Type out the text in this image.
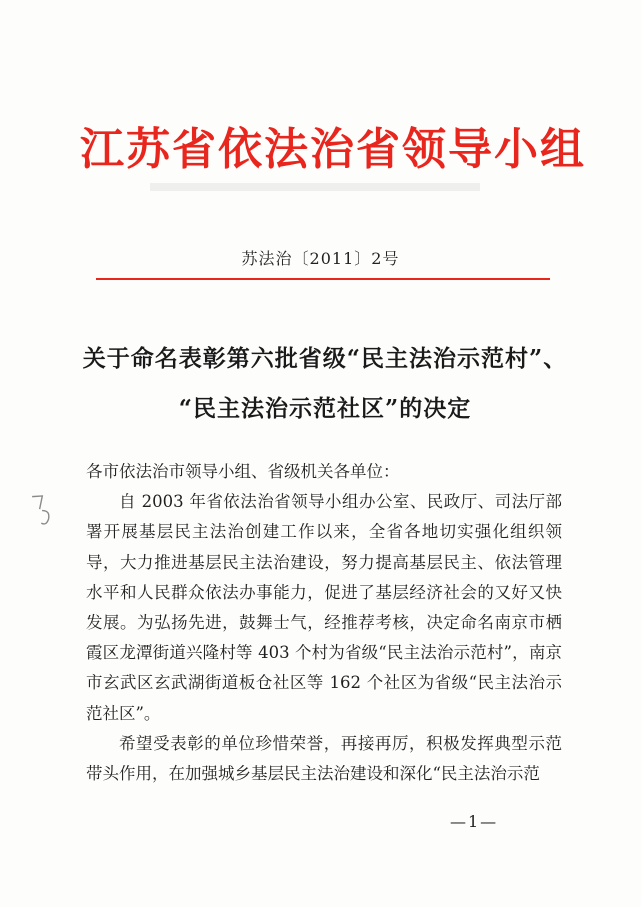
江苏省依法治省领导小组
苏法治〔2011〕2号
关于命名表彰第六批省级“民主法治示范村”、
“民主法治示范社区”的决定

各市依法治市领导小组、省级机关各单位：

自 2003 年省依法治省领导小组办公室、民政厅、司法厅部署开展基层民主法治创建工作以来，全省各地切实强化组织领导，大力推进基层民主法治建设，努力提高基层民主、依法管理水平和人民群众依法办事能力，促进了基层经济社会的又好又快发展。为弘扬先进，鼓舞士气，经推荐考核，决定命名南京市栖霞区龙潭街道兴隆村等 403 个村为省级“民主法治示范村”，南京市玄武区玄武湖街道板仓社区等 162 个社区为省级“民主法治示范社区”。

希望受表彰的单位珍惜荣誉，再接再厉，积极发挥典型示范带头作用，在加强城乡基层民主法治建设和深化“民主法治示范

—1—
